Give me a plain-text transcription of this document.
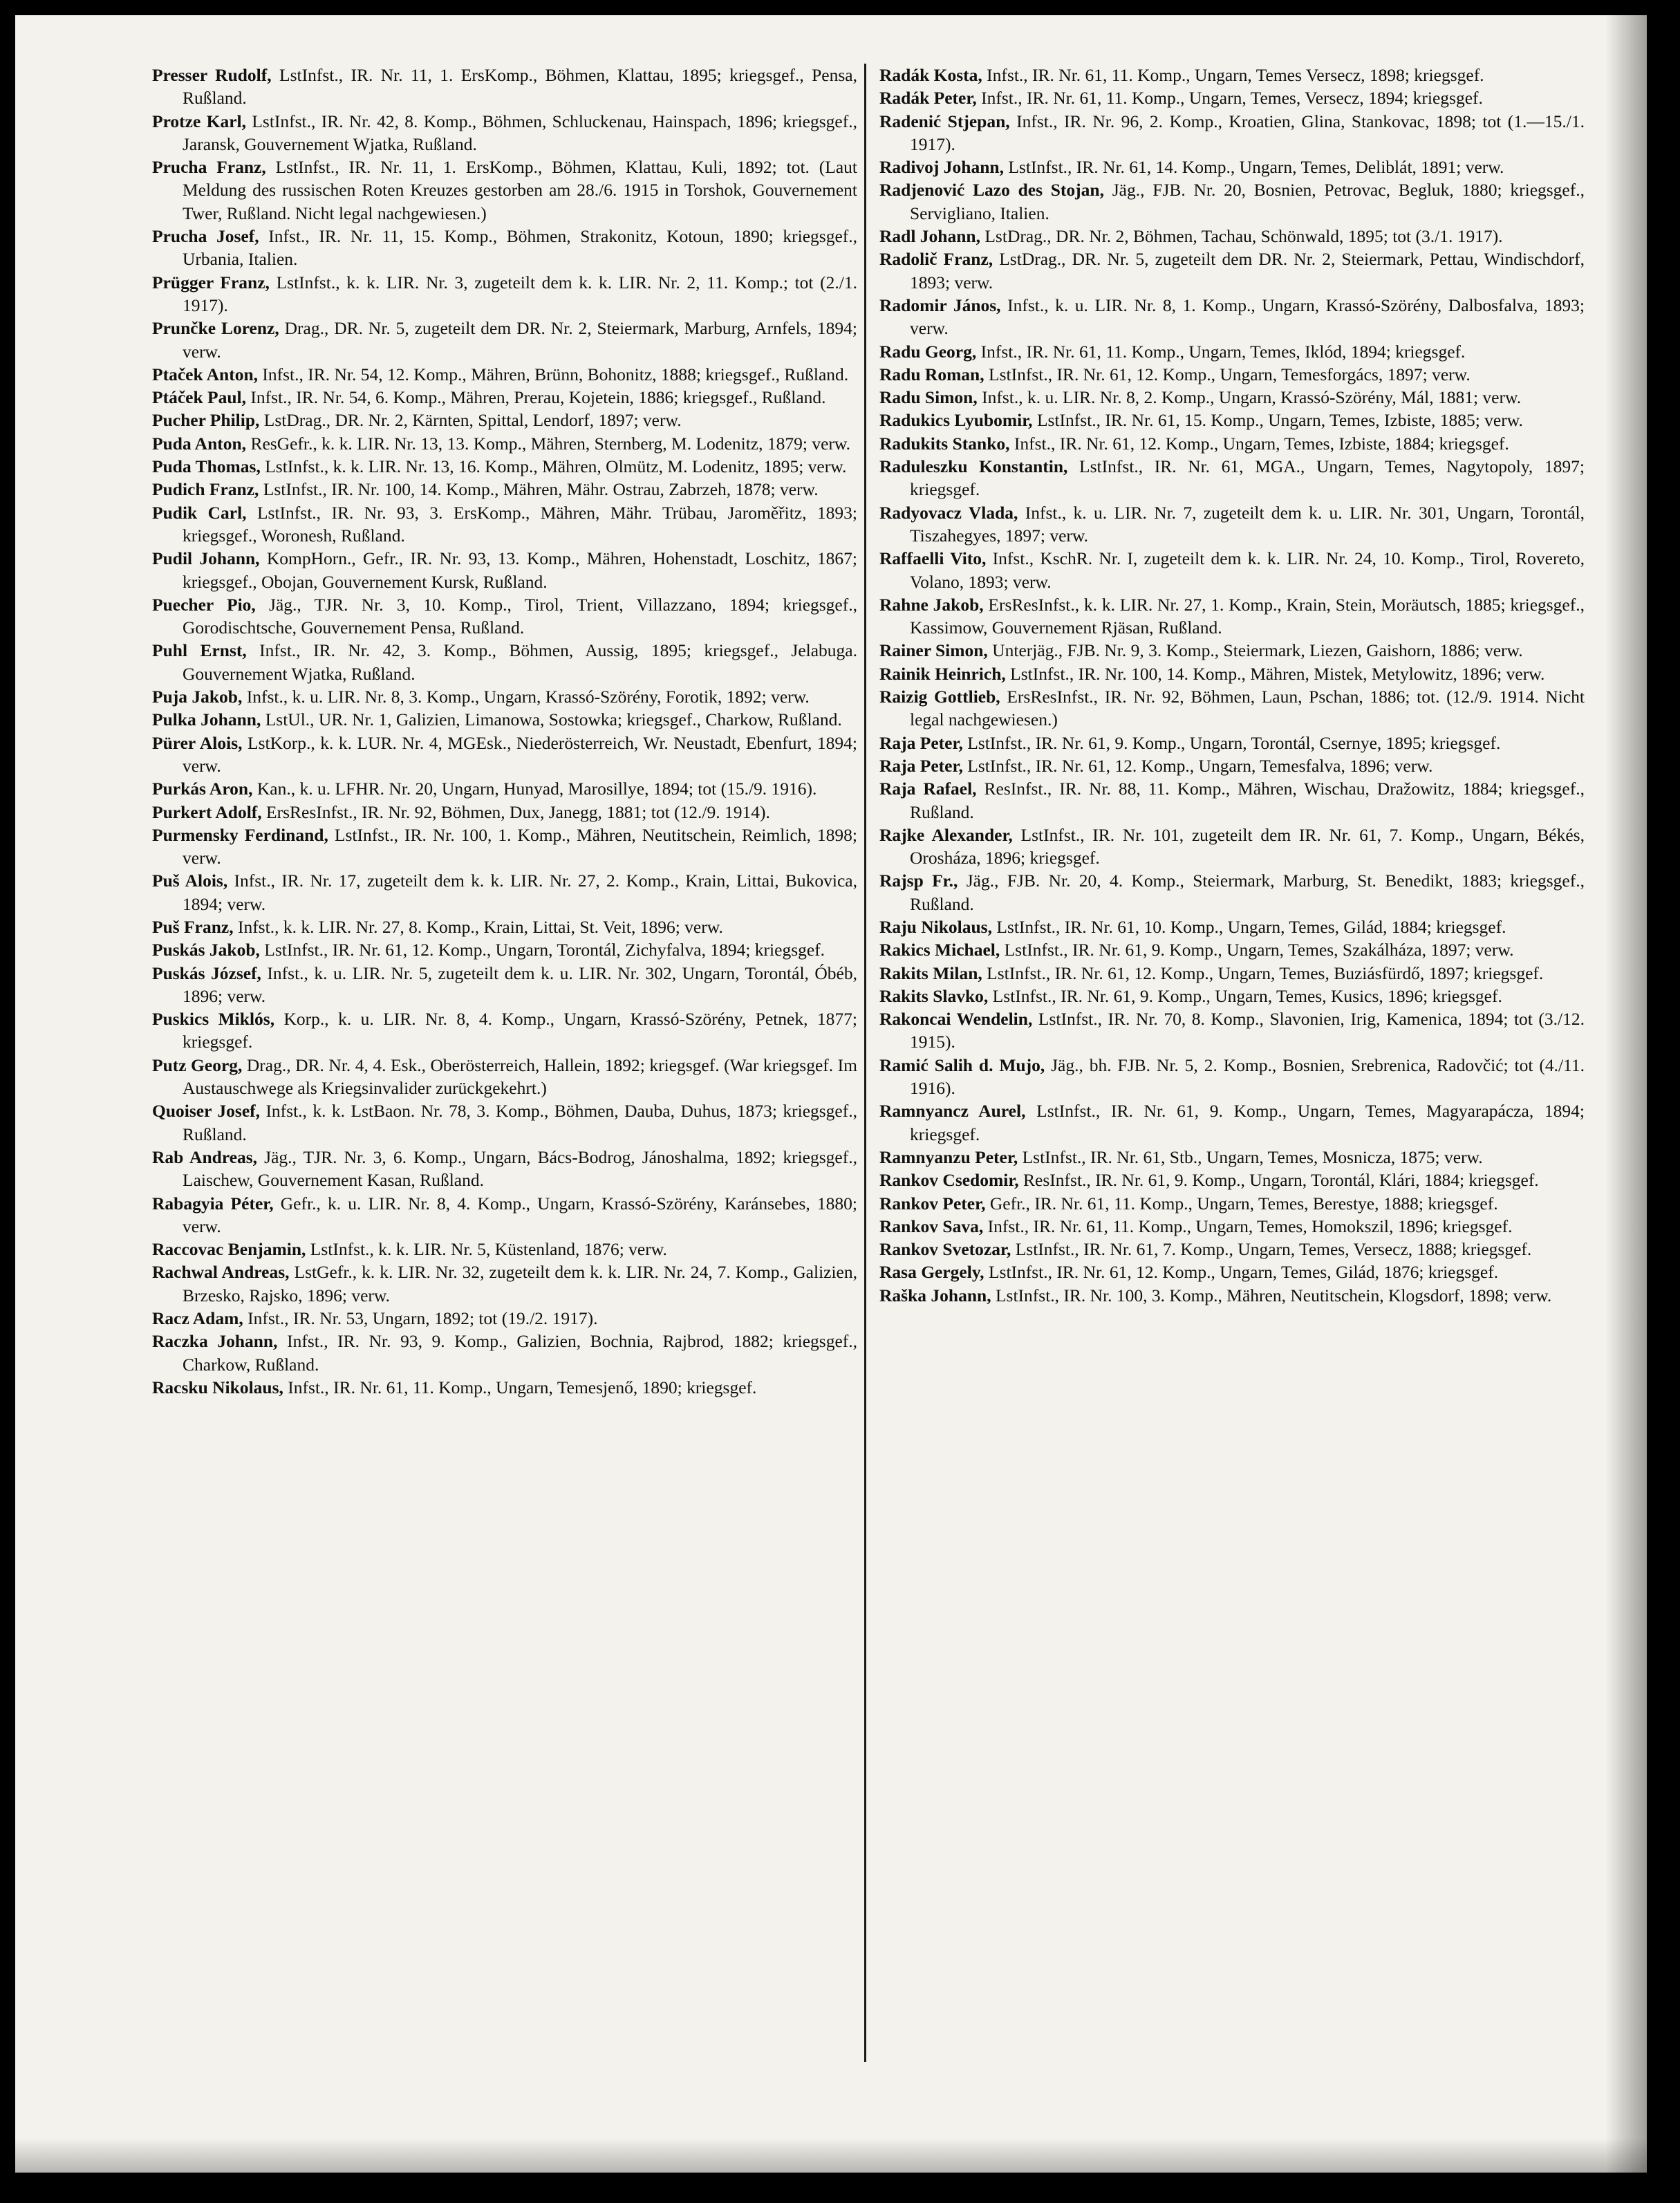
Presser Rudolf, LstInfst., IR. Nr. 11, 1. ErsKomp., Böhmen, Klattau, 1895; kriegsgef., Pensa, Rußland.

Protze Karl, LstInfst., IR. Nr. 42, 8. Komp., Böhmen, Schluckenau, Hainspach, 1896; kriegsgef., Jaransk, Gouvernement Wjatka, Rußland.

Prucha Franz, LstInfst., IR. Nr. 11, 1. ErsKomp., Böhmen, Klattau, Kuli, 1892; tot. (Laut Meldung des russischen Roten Kreuzes gestorben am 28./6. 1915 in Torshok, Gouvernement Twer, Rußland. Nicht legal nachgewiesen.)

Prucha Josef, Infst., IR. Nr. 11, 15. Komp., Böhmen, Strakonitz, Kotoun, 1890; kriegsgef., Urbania, Italien.

Prügger Franz, LstInfst., k. k. LIR. Nr. 3, zugeteilt dem k. k. LIR. Nr. 2, 11. Komp.; tot (2./1. 1917).

Prunčke Lorenz, Drag., DR. Nr. 5, zugeteilt dem DR. Nr. 2, Steiermark, Marburg, Arnfels, 1894; verw.

Ptaček Anton, Infst., IR. Nr. 54, 12. Komp., Mähren, Brünn, Bohonitz, 1888; kriegsgef., Rußland.

Ptáček Paul, Infst., IR. Nr. 54, 6. Komp., Mähren, Prerau, Kojetein, 1886; kriegsgef., Rußland.

Pucher Philip, LstDrag., DR. Nr. 2, Kärnten, Spittal, Lendorf, 1897; verw.

Puda Anton, ResGefr., k. k. LIR. Nr. 13, 13. Komp., Mähren, Sternberg, M. Lodenitz, 1879; verw.

Puda Thomas, LstInfst., k. k. LIR. Nr. 13, 16. Komp., Mähren, Olmütz, M. Lodenitz, 1895; verw.

Pudich Franz, LstInfst., IR. Nr. 100, 14. Komp., Mähren, Mähr. Ostrau, Zabrzeh, 1878; verw.

Pudik Carl, LstInfst., IR. Nr. 93, 3. ErsKomp., Mähren, Mähr. Trübau, Jaroměřitz, 1893; kriegsgef., Woronesh, Rußland.

Pudil Johann, KompHorn., Gefr., IR. Nr. 93, 13. Komp., Mähren, Hohenstadt, Loschitz, 1867; kriegsgef., Obojan, Gouvernement Kursk, Rußland.

Puecher Pio, Jäg., TJR. Nr. 3, 10. Komp., Tirol, Trient, Villazzano, 1894; kriegsgef., Gorodischtsche, Gouvernement Pensa, Rußland.

Puhl Ernst, Infst., IR. Nr. 42, 3. Komp., Böhmen, Aussig, 1895; kriegsgef., Jelabuga. Gouvernement Wjatka, Rußland.

Puja Jakob, Infst., k. u. LIR. Nr. 8, 3. Komp., Ungarn, Krassó-Szörény, Forotik, 1892; verw.

Pulka Johann, LstUl., UR. Nr. 1, Galizien, Limanowa, Sostowka; kriegsgef., Charkow, Rußland.

Pürer Alois, LstKorp., k. k. LUR. Nr. 4, MGEsk., Niederösterreich, Wr. Neustadt, Ebenfurt, 1894; verw.

Purkás Aron, Kan., k. u. LFHR. Nr. 20, Ungarn, Hunyad, Marosillye, 1894; tot (15./9. 1916).

Purkert Adolf, ErsResInfst., IR. Nr. 92, Böhmen, Dux, Janegg, 1881; tot (12./9. 1914).

Purmensky Ferdinand, LstInfst., IR. Nr. 100, 1. Komp., Mähren, Neutitschein, Reimlich, 1898; verw.

Puš Alois, Infst., IR. Nr. 17, zugeteilt dem k. k. LIR. Nr. 27, 2. Komp., Krain, Littai, Bukovica, 1894; verw.

Puš Franz, Infst., k. k. LIR. Nr. 27, 8. Komp., Krain, Littai, St. Veit, 1896; verw.

Puskás Jakob, LstInfst., IR. Nr. 61, 12. Komp., Ungarn, Torontál, Zichyfalva, 1894; kriegsgef.

Puskás József, Infst., k. u. LIR. Nr. 5, zugeteilt dem k. u. LIR. Nr. 302, Ungarn, Torontál, Óbéb, 1896; verw.

Puskics Miklós, Korp., k. u. LIR. Nr. 8, 4. Komp., Ungarn, Krassó-Szörény, Petnek, 1877; kriegsgef.

Putz Georg, Drag., DR. Nr. 4, 4. Esk., Oberösterreich, Hallein, 1892; kriegsgef. (War kriegsgef. Im Austauschwege als Kriegsinvalider zurückgekehrt.)

Quoiser Josef, Infst., k. k. LstBaon. Nr. 78, 3. Komp., Böhmen, Dauba, Duhus, 1873; kriegsgef., Rußland.

Rab Andreas, Jäg., TJR. Nr. 3, 6. Komp., Ungarn, Bács-Bodrog, Jánoshalma, 1892; kriegsgef., Laischew, Gouvernement Kasan, Rußland.

Rabagyia Péter, Gefr., k. u. LIR. Nr. 8, 4. Komp., Ungarn, Krassó-Szörény, Karánsebes, 1880; verw.

Raccovac Benjamin, LstInfst., k. k. LIR. Nr. 5, Küstenland, 1876; verw.

Rachwal Andreas, LstGefr., k. k. LIR. Nr. 32, zugeteilt dem k. k. LIR. Nr. 24, 7. Komp., Galizien, Brzesko, Rajsko, 1896; verw.

Racz Adam, Infst., IR. Nr. 53, Ungarn, 1892; tot (19./2. 1917).

Raczka Johann, Infst., IR. Nr. 93, 9. Komp., Galizien, Bochnia, Rajbrod, 1882; kriegsgef., Charkow, Rußland.

Racsku Nikolaus, Infst., IR. Nr. 61, 11. Komp., Ungarn, Temesjenő, 1890; kriegsgef.

Radák Kosta, Infst., IR. Nr. 61, 11. Komp., Ungarn, Temes Versecz, 1898; kriegsgef.

Radák Peter, Infst., IR. Nr. 61, 11. Komp., Ungarn, Temes, Versecz, 1894; kriegsgef.

Radenić Stjepan, Infst., IR. Nr. 96, 2. Komp., Kroatien, Glina, Stankovac, 1898; tot (1.—15./1. 1917).

Radivoj Johann, LstInfst., IR. Nr. 61, 14. Komp., Ungarn, Temes, Deliblát, 1891; verw.

Radjenović Lazo des Stojan, Jäg., FJB. Nr. 20, Bosnien, Petrovac, Begluk, 1880; kriegsgef., Servigliano, Italien.

Radl Johann, LstDrag., DR. Nr. 2, Böhmen, Tachau, Schönwald, 1895; tot (3./1. 1917).

Radolič Franz, LstDrag., DR. Nr. 5, zugeteilt dem DR. Nr. 2, Steiermark, Pettau, Windischdorf, 1893; verw.

Radomir János, Infst., k. u. LIR. Nr. 8, 1. Komp., Ungarn, Krassó-Szörény, Dalbosfalva, 1893; verw.

Radu Georg, Infst., IR. Nr. 61, 11. Komp., Ungarn, Temes, Iklód, 1894; kriegsgef.

Radu Roman, LstInfst., IR. Nr. 61, 12. Komp., Ungarn, Temesforgács, 1897; verw.

Radu Simon, Infst., k. u. LIR. Nr. 8, 2. Komp., Ungarn, Krassó-Szörény, Mál, 1881; verw.

Radukics Lyubomir, LstInfst., IR. Nr. 61, 15. Komp., Ungarn, Temes, Izbiste, 1885; verw.

Radukits Stanko, Infst., IR. Nr. 61, 12. Komp., Ungarn, Temes, Izbiste, 1884; kriegsgef.

Raduleszku Konstantin, LstInfst., IR. Nr. 61, MGA., Ungarn, Temes, Nagytopoly, 1897; kriegsgef.

Radyovacz Vlada, Infst., k. u. LIR. Nr. 7, zugeteilt dem k. u. LIR. Nr. 301, Ungarn, Torontál, Tiszahegyes, 1897; verw.

Raffaelli Vito, Infst., KschR. Nr. I, zugeteilt dem k. k. LIR. Nr. 24, 10. Komp., Tirol, Rovereto, Volano, 1893; verw.

Rahne Jakob, ErsResInfst., k. k. LIR. Nr. 27, 1. Komp., Krain, Stein, Moräutsch, 1885; kriegsgef., Kassimow, Gouvernement Rjäsan, Rußland.

Rainer Simon, Unterjäg., FJB. Nr. 9, 3. Komp., Steiermark, Liezen, Gaishorn, 1886; verw.

Rainik Heinrich, LstInfst., IR. Nr. 100, 14. Komp., Mähren, Mistek, Metylowitz, 1896; verw.

Raizig Gottlieb, ErsResInfst., IR. Nr. 92, Böhmen, Laun, Pschan, 1886; tot. (12./9. 1914. Nicht legal nachgewiesen.)

Raja Peter, LstInfst., IR. Nr. 61, 9. Komp., Ungarn, Torontál, Csernye, 1895; kriegsgef.

Raja Peter, LstInfst., IR. Nr. 61, 12. Komp., Ungarn, Temesfalva, 1896; verw.

Raja Rafael, ResInfst., IR. Nr. 88, 11. Komp., Mähren, Wischau, Dražowitz, 1884; kriegsgef., Rußland.

Rajke Alexander, LstInfst., IR. Nr. 101, zugeteilt dem IR. Nr. 61, 7. Komp., Ungarn, Békés, Orosháza, 1896; kriegsgef.

Rajsp Fr., Jäg., FJB. Nr. 20, 4. Komp., Steiermark, Marburg, St. Benedikt, 1883; kriegsgef., Rußland.

Raju Nikolaus, LstInfst., IR. Nr. 61, 10. Komp., Ungarn, Temes, Gilád, 1884; kriegsgef.

Rakics Michael, LstInfst., IR. Nr. 61, 9. Komp., Ungarn, Temes, Szakálháza, 1897; verw.

Rakits Milan, LstInfst., IR. Nr. 61, 12. Komp., Ungarn, Temes, Buziásfürdő, 1897; kriegsgef.

Rakits Slavko, LstInfst., IR. Nr. 61, 9. Komp., Ungarn, Temes, Kusics, 1896; kriegsgef.

Rakoncai Wendelin, LstInfst., IR. Nr. 70, 8. Komp., Slavonien, Irig, Kamenica, 1894; tot (3./12. 1915).

Ramić Salih d. Mujo, Jäg., bh. FJB. Nr. 5, 2. Komp., Bosnien, Srebrenica, Radovčić; tot (4./11. 1916).

Ramnyancz Aurel, LstInfst., IR. Nr. 61, 9. Komp., Ungarn, Temes, Magyarapácza, 1894; kriegsgef.

Ramnyanzu Peter, LstInfst., IR. Nr. 61, Stb., Ungarn, Temes, Mosnicza, 1875; verw.

Rankov Csedomir, ResInfst., IR. Nr. 61, 9. Komp., Ungarn, Torontál, Klári, 1884; kriegsgef.

Rankov Peter, Gefr., IR. Nr. 61, 11. Komp., Ungarn, Temes, Berestye, 1888; kriegsgef.

Rankov Sava, Infst., IR. Nr. 61, 11. Komp., Ungarn, Temes, Homokszil, 1896; kriegsgef.

Rankov Svetozar, LstInfst., IR. Nr. 61, 7. Komp., Ungarn, Temes, Versecz, 1888; kriegsgef.

Rasa Gergely, LstInfst., IR. Nr. 61, 12. Komp., Ungarn, Temes, Gilád, 1876; kriegsgef.

Raška Johann, LstInfst., IR. Nr. 100, 3. Komp., Mähren, Neutitschein, Klogsdorf, 1898; verw.
